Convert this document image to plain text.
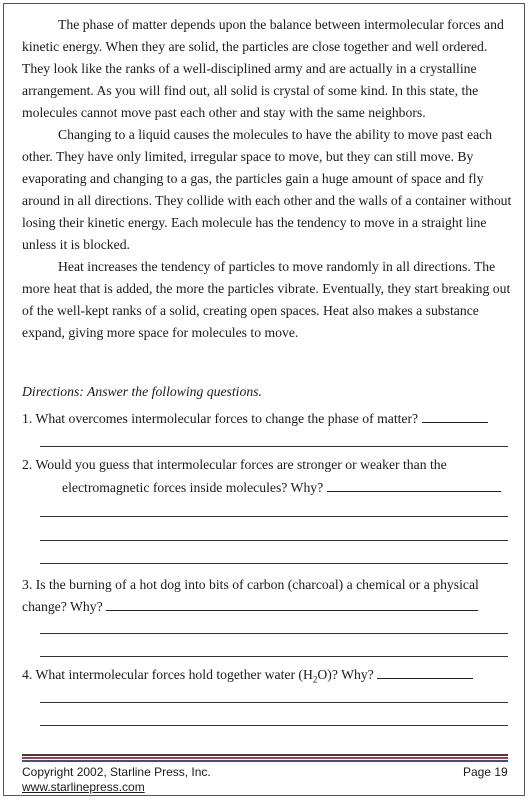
The phase of matter depends upon the balance between intermolecular forces and kinetic energy. When they are solid, the particles are close together and well ordered. They look like the ranks of a well-disciplined army and are actually in a crystalline arrangement. As you will find out, all solid is crystal of some kind. In this state, the molecules cannot move past each other and stay with the same neighbors.

Changing to a liquid causes the molecules to have the ability to move past each other. They have only limited, irregular space to move, but they can still move. By evaporating and changing to a gas, the particles gain a huge amount of space and fly around in all directions. They collide with each other and the walls of a container without losing their kinetic energy. Each molecule has the tendency to move in a straight line unless it is blocked.

Heat increases the tendency of particles to move randomly in all directions. The more heat that is added, the more the particles vibrate. Eventually, they start breaking out of the well-kept ranks of a solid, creating open spaces. Heat also makes a substance expand, giving more space for molecules to move.

Directions: Answer the following questions.
1. What overcomes intermolecular forces to change the phase of matter?
2. Would you guess that intermolecular forces are stronger or weaker than the
electromagnetic forces inside molecules? Why?
3. Is the burning of a hot dog into bits of carbon (charcoal) a chemical or a physical
change? Why?
4. What intermolecular forces hold together water $(H_2O)$? Why?
Copyright 2002, Starline Press, Inc.
www.starlinepress.com
Page 19
